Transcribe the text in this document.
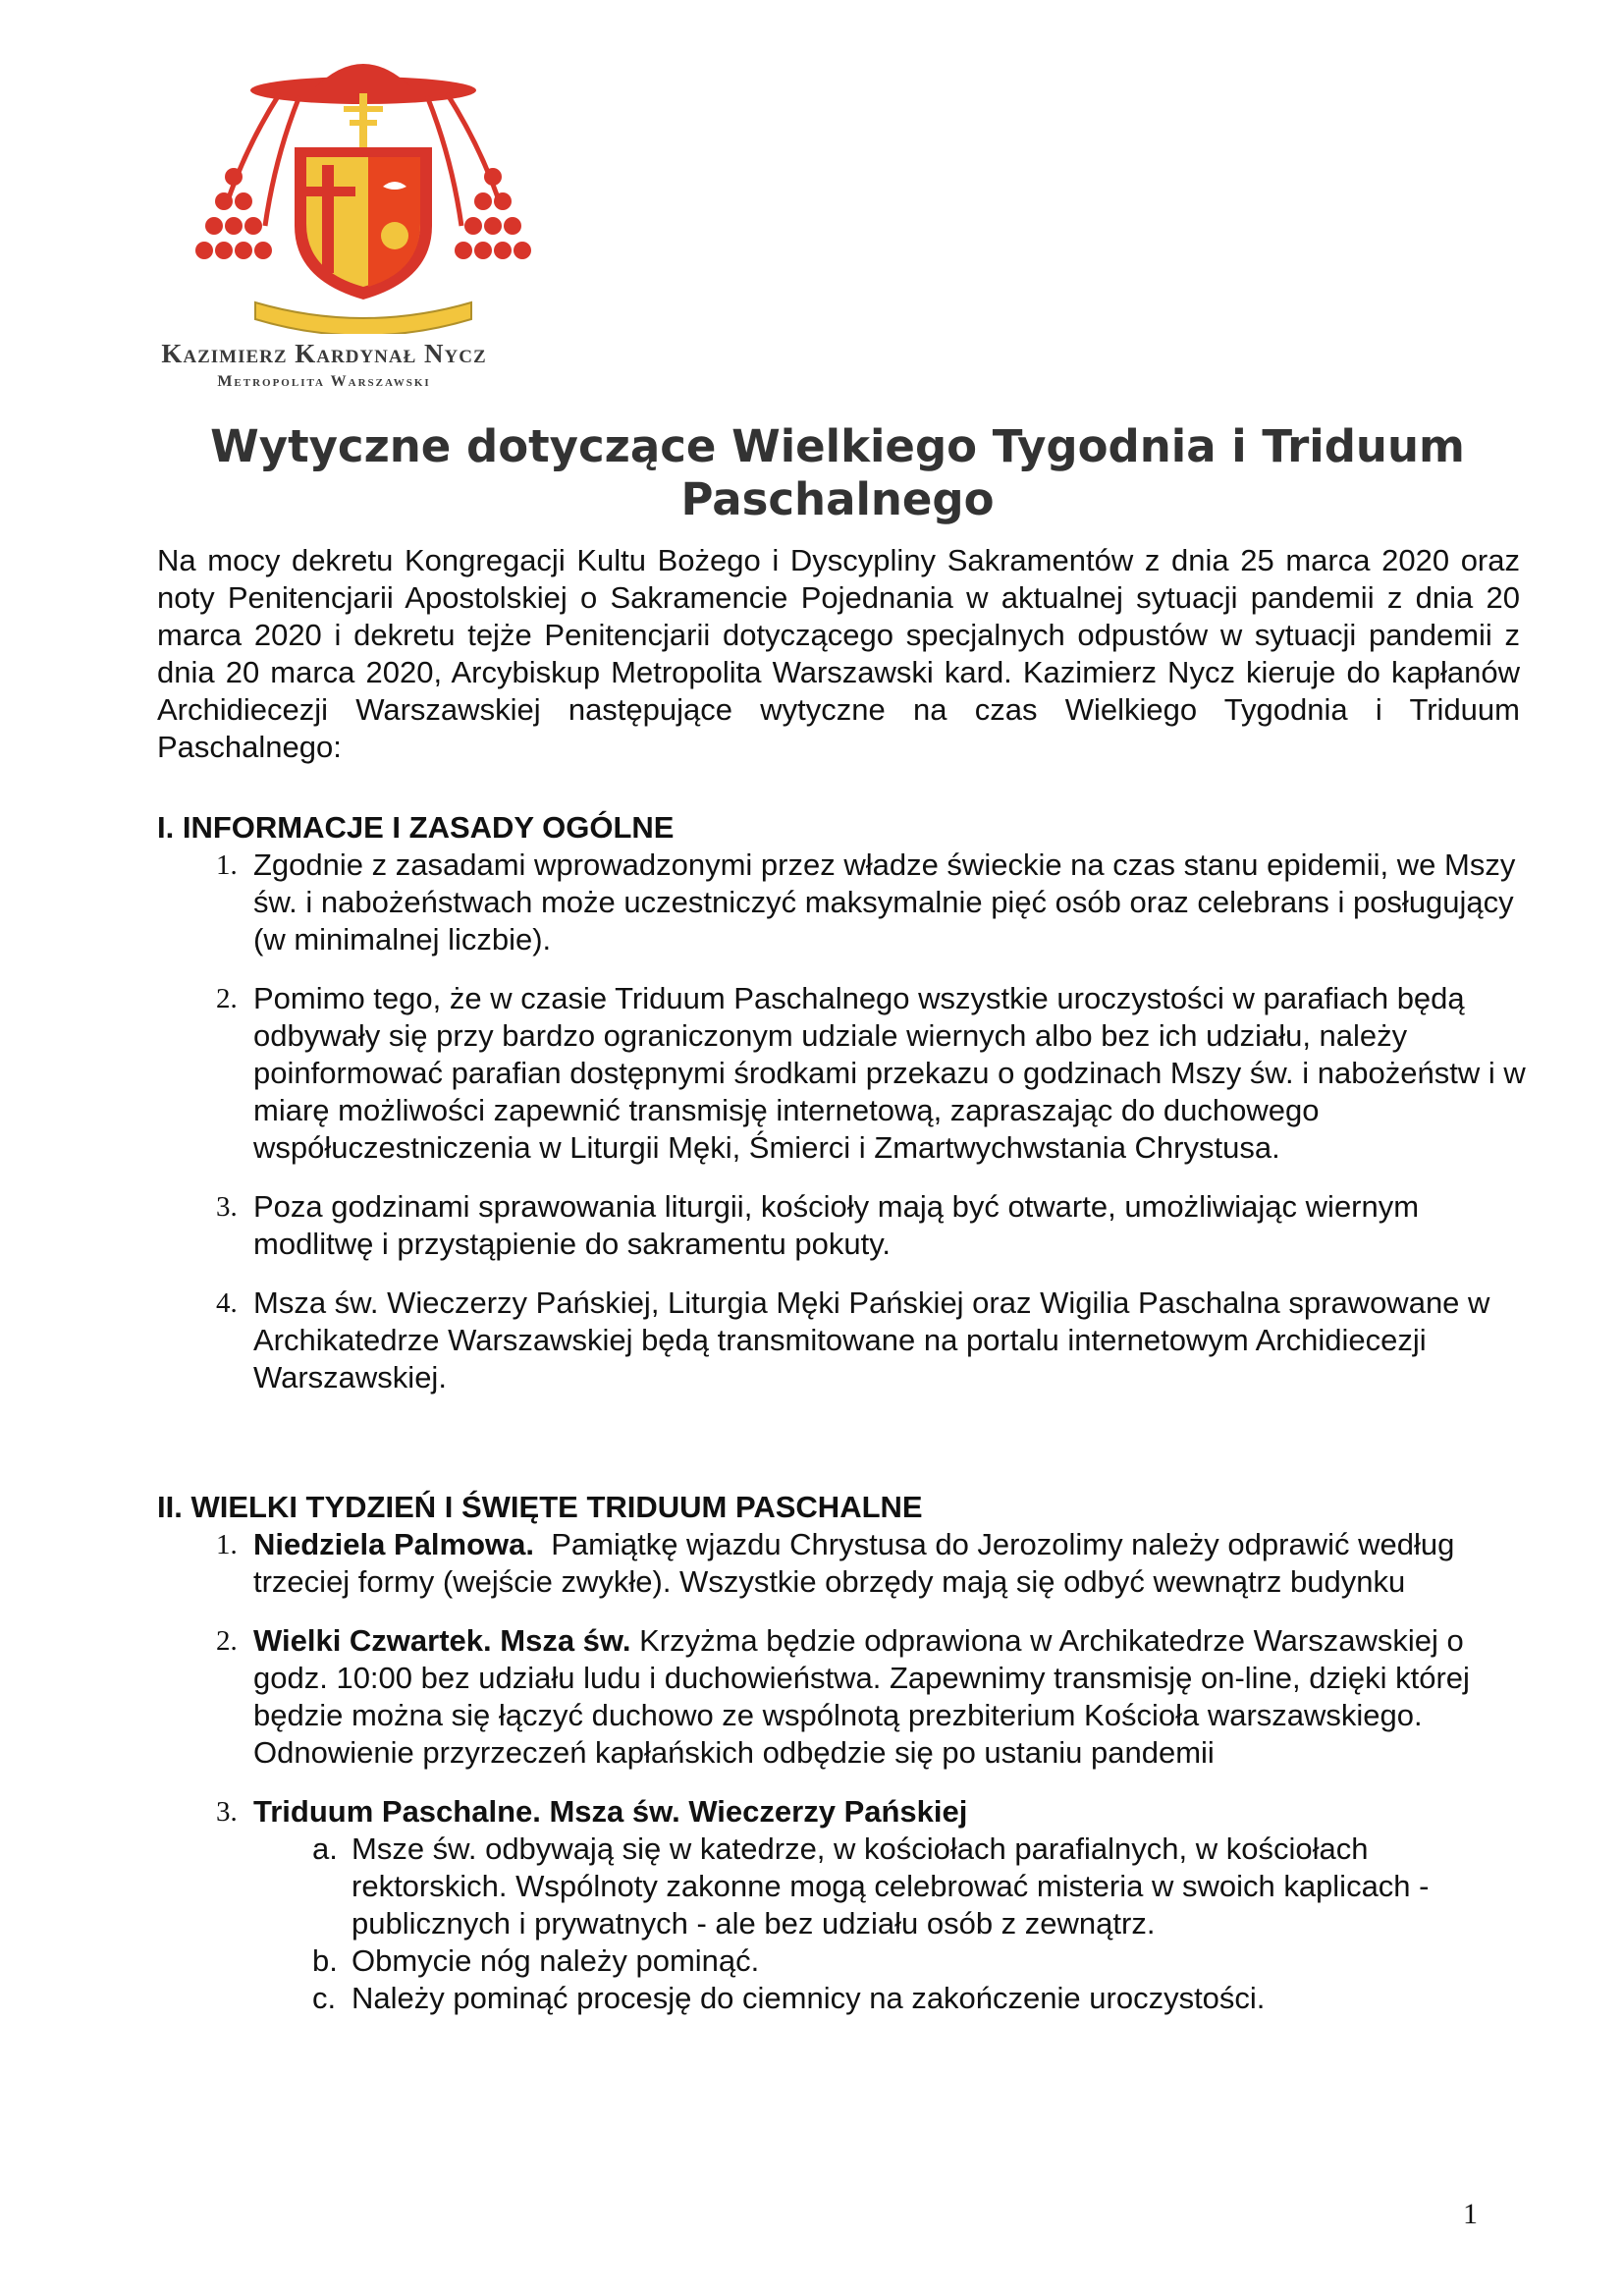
Kazimierz Kardynał Nycz
Metropolita Warszawski
Wytyczne dotyczące Wielkiego Tygodnia i Triduum Paschalnego

Na mocy dekretu Kongregacji Kultu Bożego i Dyscypliny Sakramentów z dnia 25 marca 2020 oraz noty Penitencjarii Apostolskiej o Sakramencie Pojednania w aktualnej sytuacji pandemii z dnia 20 marca 2020 i dekretu tejże Penitencjarii dotyczącego specjalnych odpustów w sytuacji pandemii z dnia 20 marca 2020, Arcybiskup Metropolita Warszawski kard. Kazimierz Nycz kieruje do kapłanów Archidiecezji Warszawskiej następujące wytyczne na czas Wielkiego Tygodnia i Triduum Paschalnego:

I. INFORMACJE I ZASADY OGÓLNE
1. Zgodnie z zasadami wprowadzonymi przez władze świeckie na czas stanu epidemii, we Mszy św. i nabożeństwach może uczestniczyć maksymalnie pięć osób oraz celebrans i posługujący (w minimalnej liczbie).
2. Pomimo tego, że w czasie Triduum Paschalnego wszystkie uroczystości w parafiach będą odbywały się przy bardzo ograniczonym udziale wiernych albo bez ich udziału, należy poinformować parafian dostępnymi środkami przekazu o godzinach Mszy św. i nabożeństw i w miarę możliwości zapewnić transmisję internetową, zapraszając do duchowego współuczestniczenia w Liturgii Męki, Śmierci i Zmartwychwstania Chrystusa.
3. Poza godzinami sprawowania liturgii, kościoły mają być otwarte, umożliwiając wiernym modlitwę i przystąpienie do sakramentu pokuty.
4. Msza św. Wieczerzy Pańskiej, Liturgia Męki Pańskiej oraz Wigilia Paschalna sprawowane w Archikatedrze Warszawskiej będą transmitowane na portalu internetowym Archidiecezji Warszawskiej.
II. WIELKI TYDZIEŃ I ŚWIĘTE TRIDUUM PASCHALNE
1. Niedziela Palmowa.  Pamiątkę wjazdu Chrystusa do Jerozolimy należy odprawić według trzeciej formy (wejście zwykłe). Wszystkie obrzędy mają się odbyć wewnątrz budynku
2. Wielki Czwartek. Msza św. Krzyżma będzie odprawiona w Archikatedrze Warszawskiej o godz. 10:00 bez udziału ludu i duchowieństwa. Zapewnimy transmisję on-line, dzięki której będzie można się łączyć duchowo ze wspólnotą prezbiterium Kościoła warszawskiego. Odnowienie przyrzeczeń kapłańskich odbędzie się po ustaniu pandemii
3. Triduum Paschalne. Msza św. Wieczerzy Pańskiej
a. Msze św. odbywają się w katedrze, w kościołach parafialnych, w kościołach rektorskich. Wspólnoty zakonne mogą celebrować misteria w swoich kaplicach - publicznych i prywatnych - ale bez udziału osób z zewnątrz.
b. Obmycie nóg należy pominąć.
c. Należy pominąć procesję do ciemnicy na zakończenie uroczystości.
1
